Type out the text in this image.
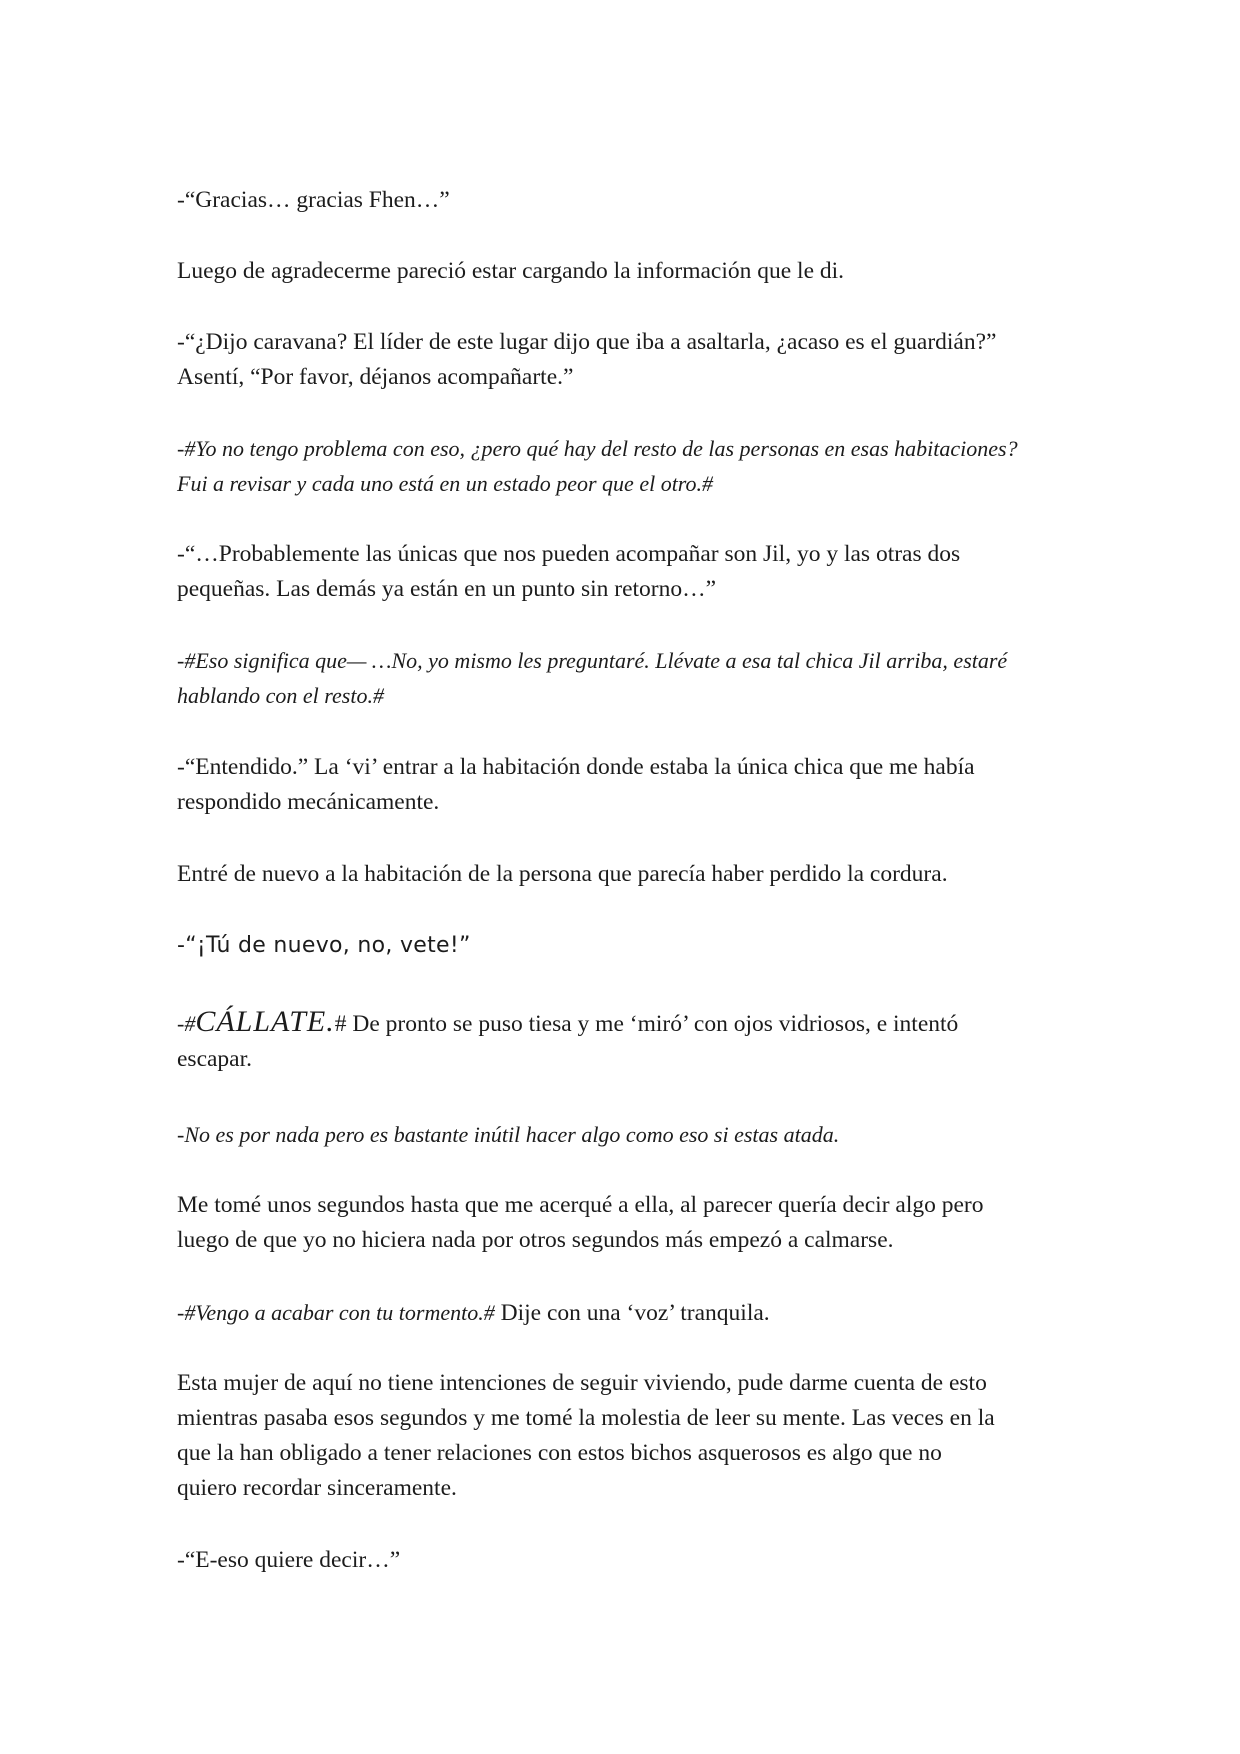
-“Gracias… gracias Fhen…”

Luego de agradecerme pareció estar cargando la información que le di.

-“¿Dijo caravana? El líder de este lugar dijo que iba a asaltarla, ¿acaso es el guardián?”
Asentí, “Por favor, déjanos acompañarte.”

-#Yo no tengo problema con eso, ¿pero qué hay del resto de las personas en esas habitaciones?
Fui a revisar y cada uno está en un estado peor que el otro.#

-“…Probablemente las únicas que nos pueden acompañar son Jil, yo y las otras dos
pequeñas. Las demás ya están en un punto sin retorno…”

-#Eso significa que— …No, yo mismo les preguntaré. Llévate a esa tal chica Jil arriba, estaré
hablando con el resto.#

-“Entendido.” La ‘vi’ entrar a la habitación donde estaba la única chica que me había
respondido mecánicamente.

Entré de nuevo a la habitación de la persona que parecía haber perdido la cordura.

-“¡Tú de nuevo, no, vete!”

-#CÁLLATE.# De pronto se puso tiesa y me ‘miró’ con ojos vidriosos, e intentó
escapar.

-No es por nada pero es bastante inútil hacer algo como eso si estas atada.

Me tomé unos segundos hasta que me acerqué a ella, al parecer quería decir algo pero
luego de que yo no hiciera nada por otros segundos más empezó a calmarse.

-#Vengo a acabar con tu tormento.# Dije con una ‘voz’ tranquila.

Esta mujer de aquí no tiene intenciones de seguir viviendo, pude darme cuenta de esto
mientras pasaba esos segundos y me tomé la molestia de leer su mente. Las veces en la
que la han obligado a tener relaciones con estos bichos asquerosos es algo que no
quiero recordar sinceramente.

-“E-eso quiere decir…”
